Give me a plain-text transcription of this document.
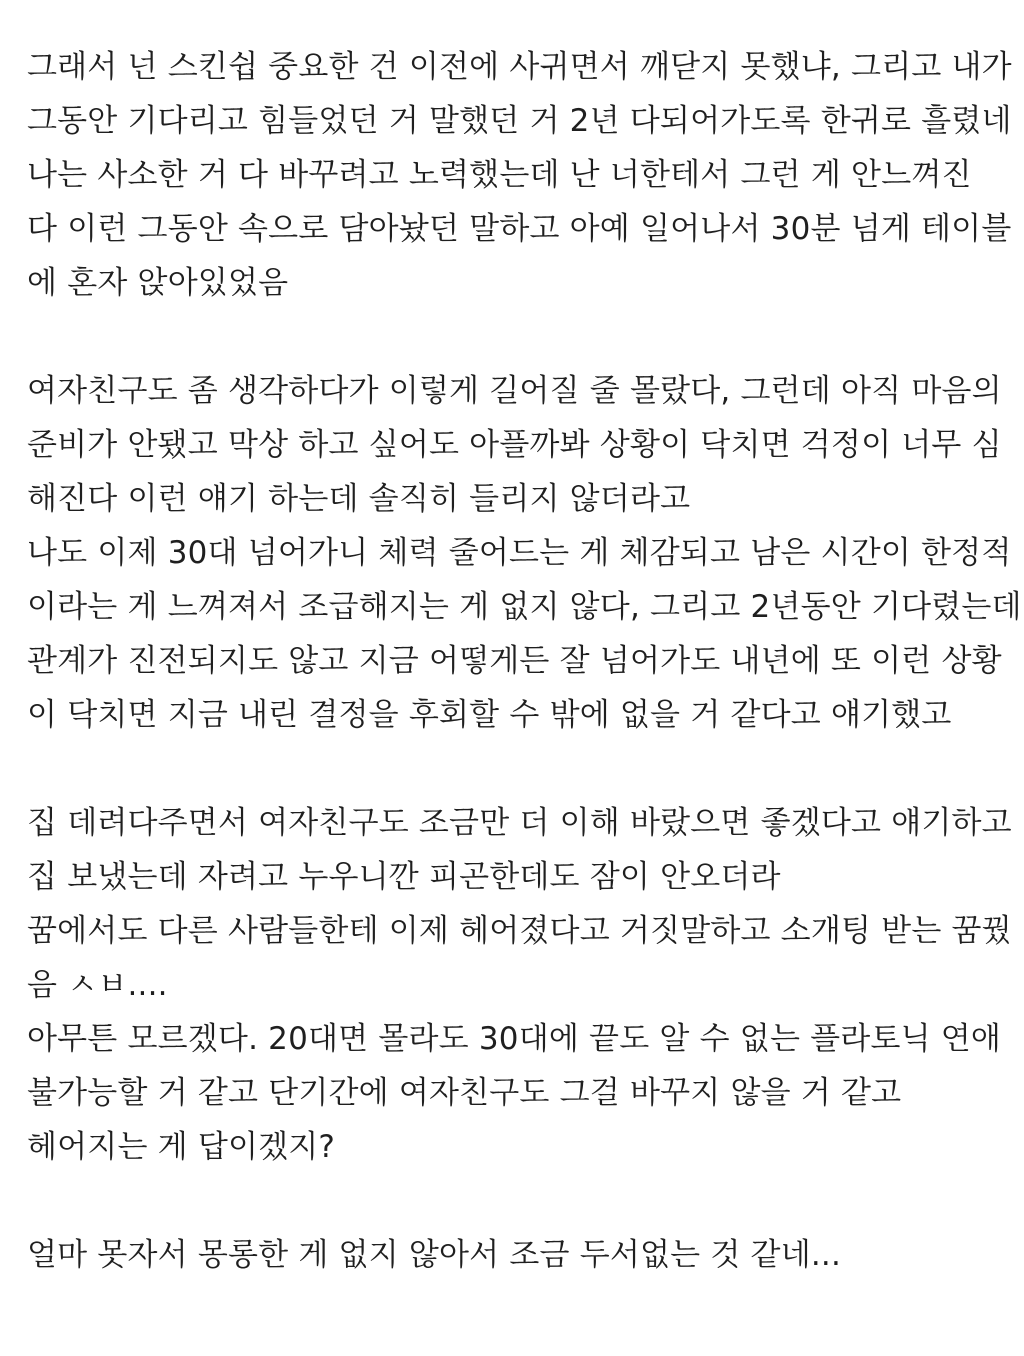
그래서 넌 스킨쉽 중요한 건 이전에 사귀면서 깨닫지 못했냐, 그리고 내가
그동안 기다리고 힘들었던 거 말했던 거 2년 다되어가도록 한귀로 흘렸네
나는 사소한 거 다 바꾸려고 노력했는데 난 너한테서 그런 게 안느껴진
다 이런 그동안 속으로 담아놨던 말하고 아예 일어나서 30분 넘게 테이블
에 혼자 앉아있었음
여자친구도 좀 생각하다가 이렇게 길어질 줄 몰랐다, 그런데 아직 마음의
준비가 안됐고 막상 하고 싶어도 아플까봐 상황이 닥치면 걱정이 너무 심
해진다 이런 얘기 하는데 솔직히 들리지 않더라고
나도 이제 30대 넘어가니 체력 줄어드는 게 체감되고 남은 시간이 한정적
이라는 게 느껴져서 조급해지는 게 없지 않다, 그리고 2년동안 기다렸는데
관계가 진전되지도 않고 지금 어떻게든 잘 넘어가도 내년에 또 이런 상황
이 닥치면 지금 내린 결정을 후회할 수 밖에 없을 거 같다고 얘기했고
집 데려다주면서 여자친구도 조금만 더 이해 바랐으면 좋겠다고 얘기하고
집 보냈는데 자려고 누우니깐 피곤한데도 잠이 안오더라
꿈에서도 다른 사람들한테 이제 헤어졌다고 거짓말하고 소개팅 받는 꿈꿨
음 ㅅㅂ....
아무튼 모르겠다. 20대면 몰라도 30대에 끝도 알 수 없는 플라토닉 연애
불가능할 거 같고 단기간에 여자친구도 그걸 바꾸지 않을 거 같고
헤어지는 게 답이겠지?
얼마 못자서 몽롱한 게 없지 않아서 조금 두서없는 것 같네...
